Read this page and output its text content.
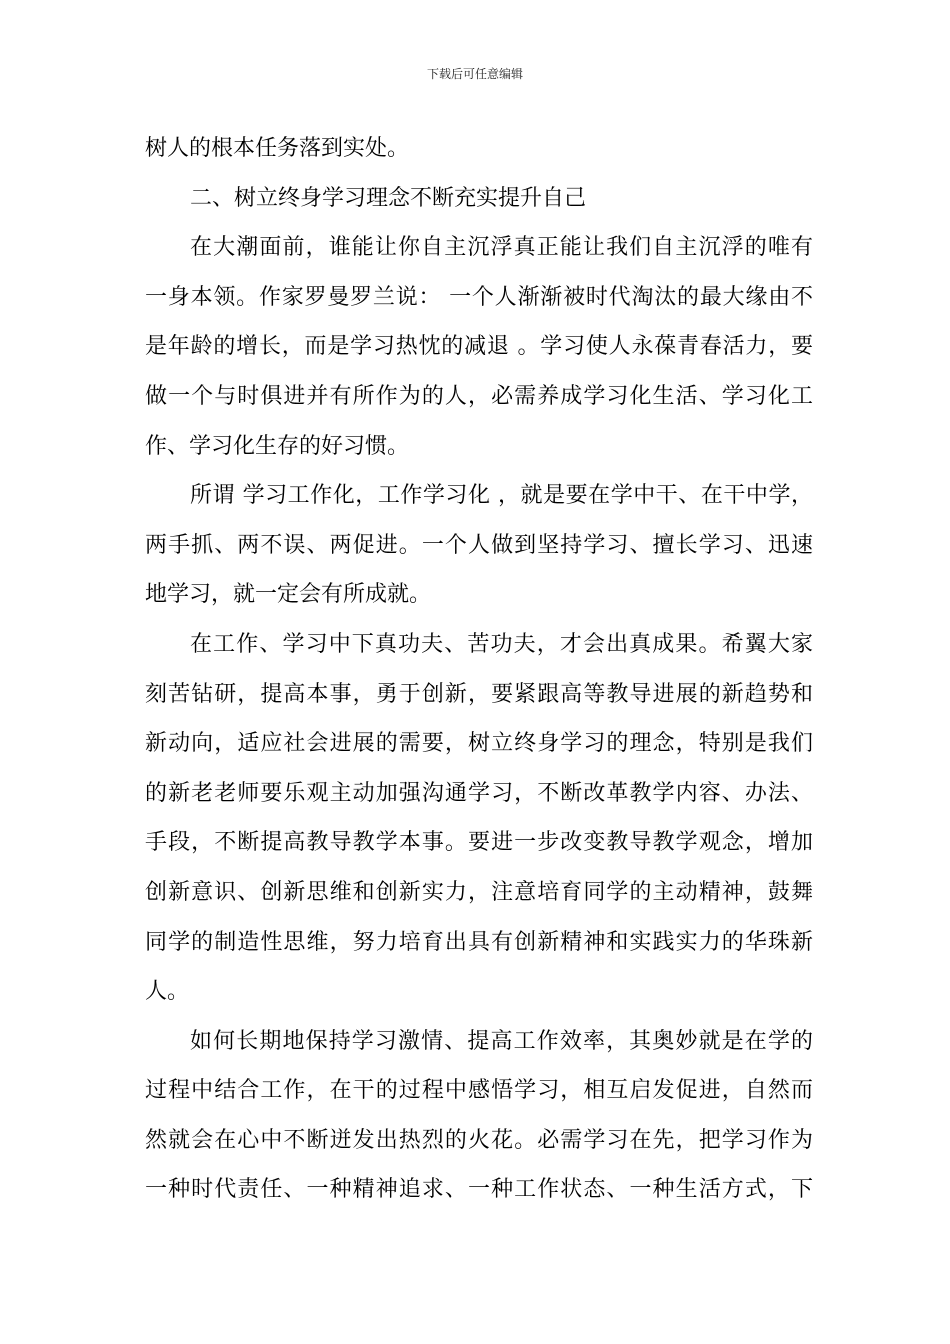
下载后可任意编辑
树人的根本任务落到实处。
二、树立终身学习理念不断充实提升自己
在大潮面前，谁能让你自主沉浮真正能让我们自主沉浮的唯有
一身本领。作家罗曼罗兰说： 一个人渐渐被时代淘汰的最大缘由不
是年龄的增长，而是学习热忱的减退 。学习使人永葆青春活力，要
做一个与时俱进并有所作为的人，必需养成学习化生活、学习化工
作、学习化生存的好习惯。
所谓 学习工作化，工作学习化 ，就是要在学中干、在干中学，
两手抓、两不误、两促进。一个人做到坚持学习、擅长学习、迅速
地学习，就一定会有所成就。
在工作、学习中下真功夫、苦功夫，才会出真成果。希翼大家
刻苦钻研，提高本事，勇于创新，要紧跟高等教导进展的新趋势和
新动向，适应社会进展的需要，树立终身学习的理念，特别是我们
的新老老师要乐观主动加强沟通学习，不断改革教学内容、办法、
手段，不断提高教导教学本事。要进一步改变教导教学观念，增加
创新意识、创新思维和创新实力，注意培育同学的主动精神，鼓舞
同学的制造性思维，努力培育出具有创新精神和实践实力的华珠新
人。
如何长期地保持学习激情、提高工作效率，其奥妙就是在学的
过程中结合工作，在干的过程中感悟学习，相互启发促进，自然而
然就会在心中不断迸发出热烈的火花。必需学习在先，把学习作为
一种时代责任、一种精神追求、一种工作状态、一种生活方式，下
